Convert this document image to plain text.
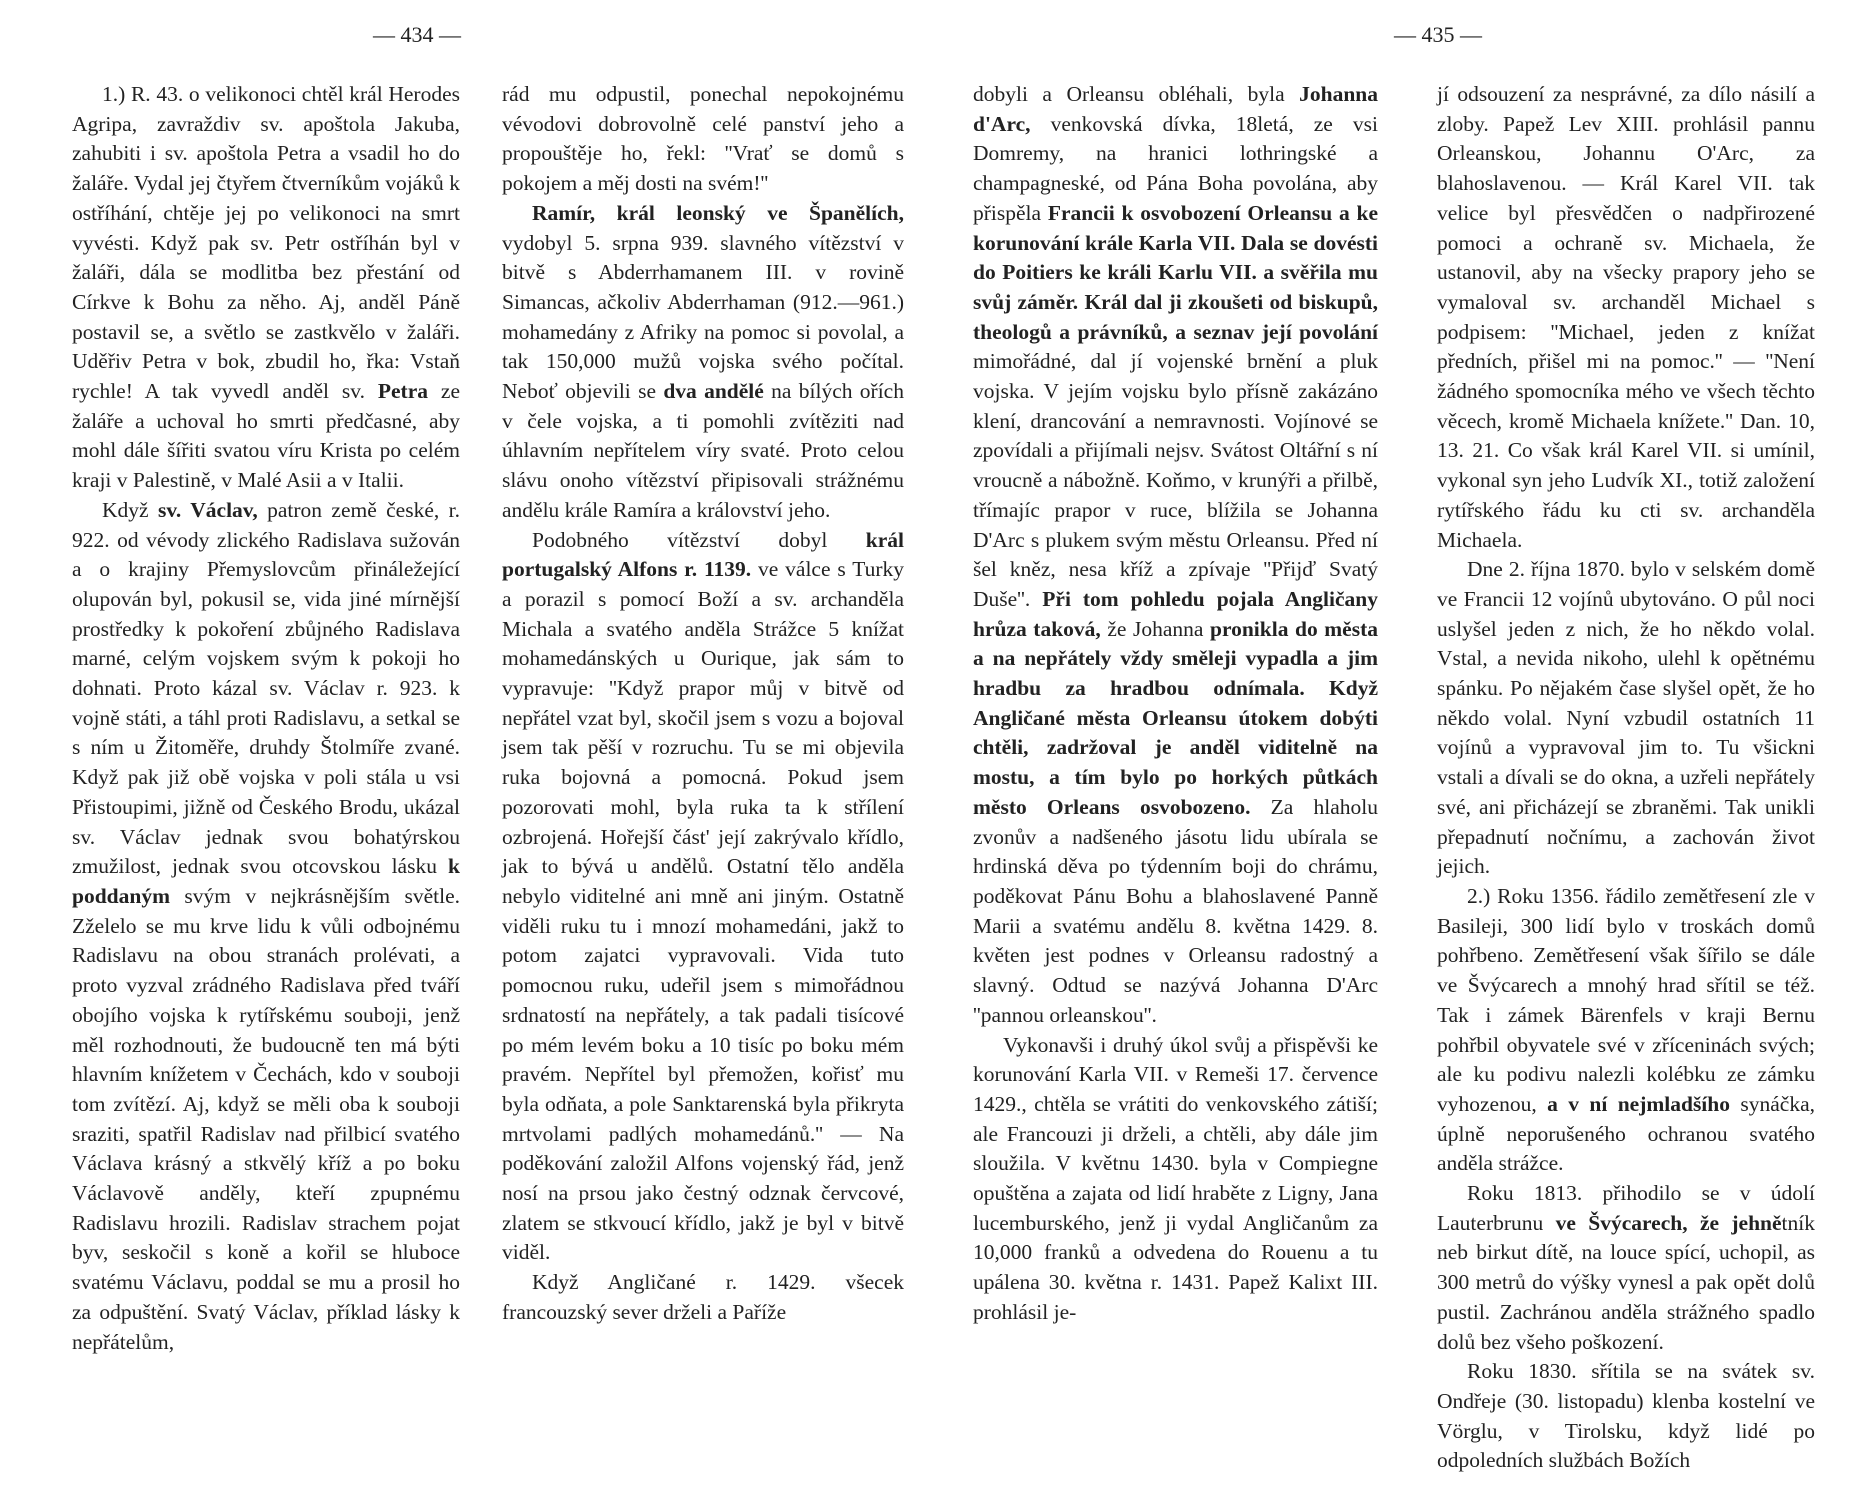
— 434 —	— 435 —

1.) R. 43. o velikonoci chtěl král Herodes Agripa, zavraždiv sv. apoštola Jakuba, zahubiti i sv. apoštola Petra a vsadil ho do žaláře. Vydal jej čtyřem čtverníkům vojáků k ostříhání, chtěje jej po velikonoci na smrt vyvésti. Když pak sv. Petr ostříhán byl v žaláři, dála se modlitba bez přestání od Církve k Bohu za něho. Aj, anděl Páně postavil se, a světlo se zastkvělo v žaláři. Uděřiv Petra v bok, zbudil ho, řka: Vstaň rychle! A tak vyvedl anděl sv. Petra ze žaláře a uchoval ho smrti předčasné, aby mohl dále šířiti svatou víru Krista po celém kraji v Palestině, v Malé Asii a v Italii.

Když sv. Václav, patron země české, r. 922. od vévody zlického Radislava sužován a o krajiny Přemyslovcům přináležející olupován byl, pokusil se, vida jiné mírnější prostředky k pokoření zbůjného Radislava marné, celým vojskem svým k pokoji ho dohnati. Proto kázal sv. Václav r. 923. k vojně státi, a táhl proti Radislavu, a setkal se s ním u Žitoměře, druhdy Štolmíře zvané. Když pak již obě vojska v poli stála u vsi Přistoupimi, jižně od Českého Brodu, ukázal sv. Václav jednak svou bohatýrskou zmužilost, jednak svou otcovskou lásku k poddaným svým v nejkrásnějším světle. Zželelo se mu krve lidu k vůli odbojnému Radislavu na obou stranách prolévati, a proto vyzval zrádného Radislava před tváří obojího vojska k rytířskému souboji, jenž měl rozhodnouti, že budoucně ten má býti hlavním knížetem v Čechách, kdo v souboji tom zvítězí. Aj, když se měli oba k souboji sraziti, spatřil Radislav nad přilbicí svatého Václava krásný a stkvělý kříž a po boku Václavově anděly, kteří zpupnému Radislavu hrozili. Radislav strachem pojat byv, seskočil s koně a kořil se hluboce svatému Václavu, poddal se mu a prosil ho za odpuštění. Svatý Václav, příklad lásky k nepřátelům,

rád mu odpustil, ponechal nepokojnému vévodovi dobrovolně celé panství jeho a propouštěje ho, řekl: ''Vrať se domů s pokojem a měj dosti na svém!''

Ramír, král leonský ve Španělích, vydobyl 5. srpna 939. slavného vítězství v bitvě s Abderrhamanem III. v rovině Simancas, ačkoliv Abderrhaman (912.—961.) mohamedány z Afriky na pomoc si povolal, a tak 150,000 mužů vojska svého počítal. Neboť objevili se dva andělé na bílých ořích v čele vojska, a ti pomohli zvítěziti nad úhlavním nepřítelem víry svaté. Proto celou slávu onoho vítězství připisovali strážnému andělu krále Ramíra a království jeho.

Podobného vítězství dobyl král portugalský Alfons r. 1139. ve válce s Turky a porazil s pomocí Boží a sv. archanděla Michala a svatého anděla Strážce 5 knížat mohamedánských u Ourique, jak sám to vypravuje: ''Když prapor můj v bitvě od nepřátel vzat byl, skočil jsem s vozu a bojoval jsem tak pěší v rozruchu. Tu se mi objevila ruka bojovná a pomocná. Pokud jsem pozorovati mohl, byla ruka ta k střílení ozbrojená. Hořejší část' její zakrývalo křídlo, jak to bývá u andělů. Ostatní tělo anděla nebylo viditelné ani mně ani jiným. Ostatně viděli ruku tu i mnozí mohamedáni, jakž to potom zajatci vypravovali. Vida tuto pomocnou ruku, udeřil jsem s mimořádnou srdnatostí na nepřátely, a tak padali tisícové po mém levém boku a 10 tisíc po boku mém pravém. Nepřítel byl přemožen, kořisť mu byla odňata, a pole Sanktarenská byla přikryta mrtvolami padlých mohamedánů.'' — Na poděkování založil Alfons vojenský řád, jenž nosí na prsou jako čestný odznak červcové, zlatem se stkvoucí křídlo, jakž je byl v bitvě viděl.

Když Angličané r. 1429. všecek francouzský sever drželi a Paříže

dobyli a Orleansu obléhali, byla Johanna d'Arc, venkovská dívka, 18letá, ze vsi Domremy, na hranici lothringské a champagneské, od Pána Boha povolána, aby přispěla Francii k osvobození Orleansu a ke korunování krále Karla VII. Dala se dovésti do Poitiers ke králi Karlu VII. a svěřila mu svůj záměr. Král dal ji zkoušeti od biskupů, theologů a právníků, a seznav její povolání mimořádné, dal jí vojenské brnění a pluk vojska. V jejím vojsku bylo přísně zakázáno klení, drancování a nemravnosti. Vojínové se zpovídali a přijímali nejsv. Svátost Oltářní s ní vroucně a nábožně. Koňmo, v krunýři a přilbě, třímajíc prapor v ruce, blížila se Johanna D'Arc s plukem svým městu Orleansu. Před ní šel kněz, nesa kříž a zpívaje ''Přijď Svatý Duše''. Při tom pohledu pojala Angličany hrůza taková, že Johanna pronikla do města a na nepřátely vždy směleji vypadla a jim hradbu za hradbou odnímala. Když Angličané města Orleansu útokem dobýti chtěli, zadržoval je anděl viditelně na mostu, a tím bylo po horkých půtkách město Orleans osvobozeno. Za hlaholu zvonův a nadšeného jásotu lidu ubírala se hrdinská děva po týdenním boji do chrámu, poděkovat Pánu Bohu a blahoslavené Panně Marii a svatému andělu 8. května 1429. 8. květen jest podnes v Orleansu radostný a slavný. Odtud se nazývá Johanna D'Arc ''pannou orleanskou''.

Vykonavši i druhý úkol svůj a přispěvši ke korunování Karla VII. v Remeši 17. července 1429., chtěla se vrátiti do venkovského zátiší; ale Francouzi ji drželi, a chtěli, aby dále jim sloužila. V květnu 1430. byla v Compiegne opuštěna a zajata od lidí hraběte z Ligny, Jana lucemburského, jenž ji vydal Angličanům za 10,000 franků a odvedena do Rouenu a tu upálena 30. května r. 1431. Papež Kalixt III. prohlásil je-

jí odsouzení za nesprávné, za dílo násilí a zloby. Papež Lev XIII. prohlásil pannu Orleanskou, Johannu O'Arc, za blahoslavenou. — Král Karel VII. tak velice byl přesvědčen o nadpřirozené pomoci a ochraně sv. Michaela, že ustanovil, aby na všecky prapory jeho se vymaloval sv. archanděl Michael s podpisem: ''Michael, jeden z knížat předních, přišel mi na pomoc.'' — ''Není žádného spomocníka mého ve všech těchto věcech, kromě Michaela knížete.'' Dan. 10, 13. 21. Co však král Karel VII. si umínil, vykonal syn jeho Ludvík XI., totiž založení rytířského řádu ku cti sv. archanděla Michaela.

Dne 2. října 1870. bylo v selském domě ve Francii 12 vojínů ubytováno. O půl noci uslyšel jeden z nich, že ho někdo volal. Vstal, a nevida nikoho, ulehl k opětnému spánku. Po nějakém čase slyšel opět, že ho někdo volal. Nyní vzbudil ostatních 11 vojínů a vypravoval jim to. Tu všickni vstali a dívali se do okna, a uzřeli nepřátely své, ani přicházejí se zbraněmi. Tak unikli přepadnutí nočnímu, a zachován život jejich.

2.) Roku 1356. řádilo zemětřesení zle v Basileji, 300 lidí bylo v troskách domů pohřbeno. Zemětřesení však šířilo se dále ve Švýcarech a mnohý hrad sřítil se též. Tak i zámek Bärenfels v kraji Bernu pohřbil obyvatele své v zříceninách svých; ale ku podivu nalezli kolébku ze zámku vyhozenou, a v ní nejmladšího synáčka, úplně neporušeného ochranou svatého anděla strážce.

Roku 1813. přihodilo se v údolí Lauterbrunu ve Švýcarech, že jehnětník neb birkut dítě, na louce spící, uchopil, as 300 metrů do výšky vynesl a pak opět dolů pustil. Zachránou anděla strážného spadlo dolů bez všeho poškození.

Roku 1830. sřítila se na svátek sv. Ondřeje (30. listopadu) klenba kostelní ve Vörglu, v Tirolsku, když lidé po odpoledních službách Božích
